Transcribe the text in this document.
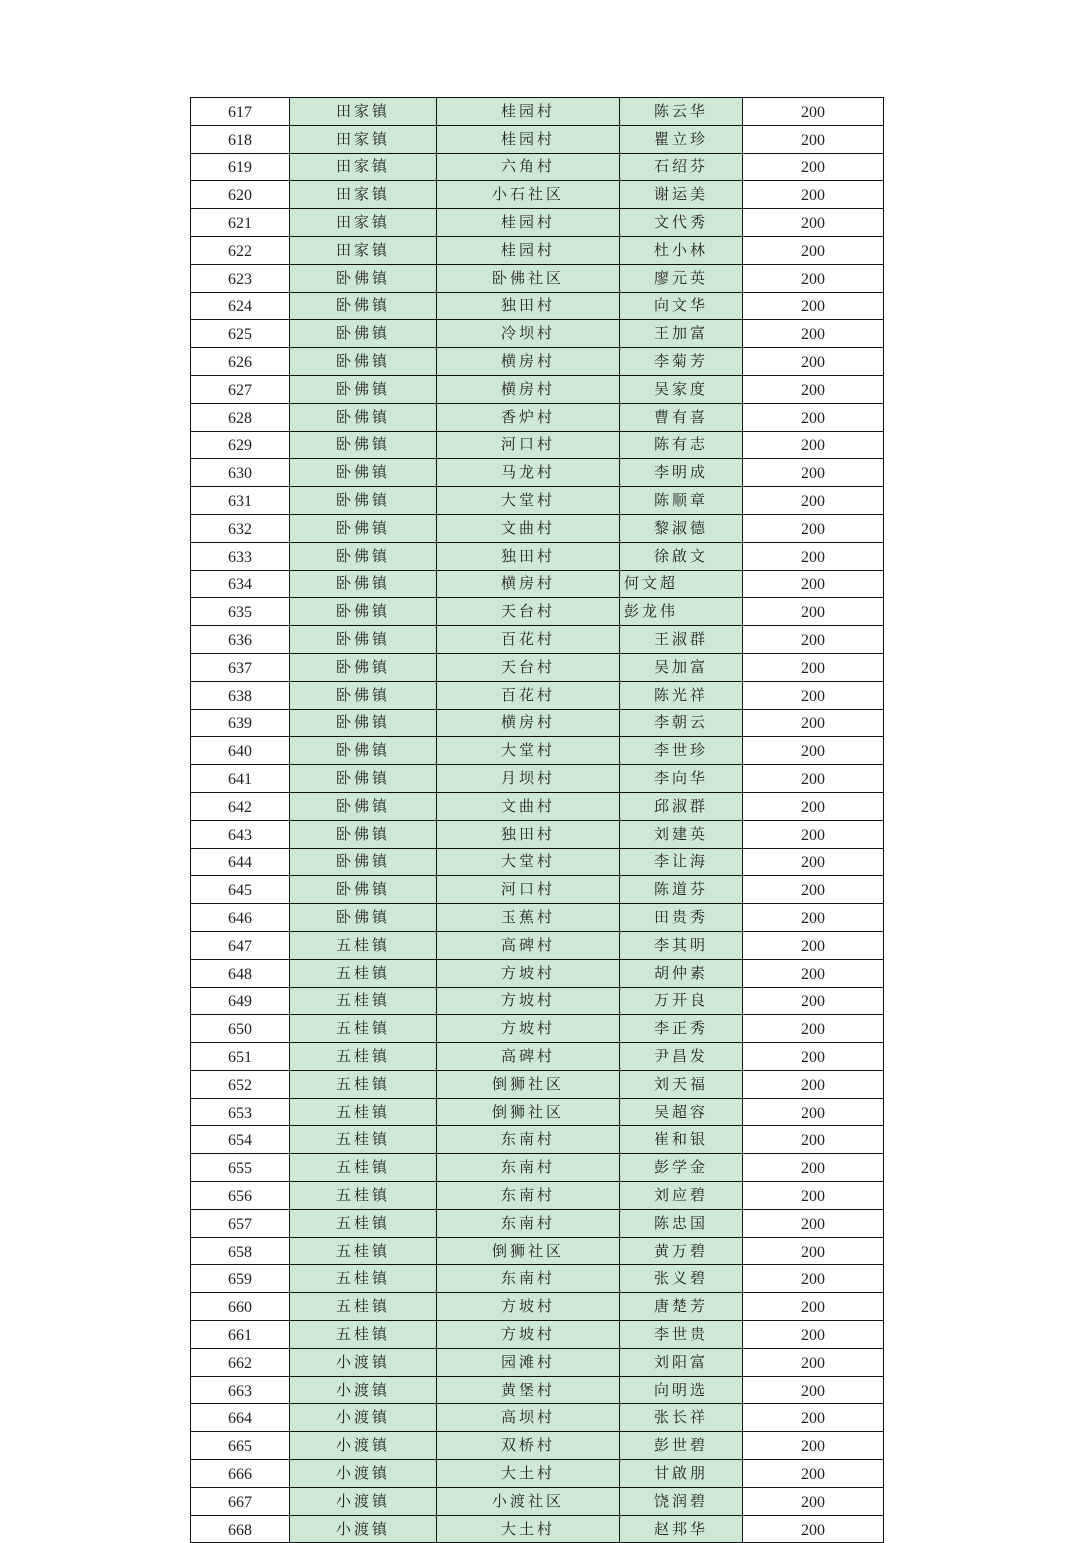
617	田家镇	桂园村	陈云华	200
618	田家镇	桂园村	瞿立珍	200
619	田家镇	六角村	石绍芬	200
620	田家镇	小石社区	谢运美	200
621	田家镇	桂园村	文代秀	200
622	田家镇	桂园村	杜小林	200
623	卧佛镇	卧佛社区	廖元英	200
624	卧佛镇	独田村	向文华	200
625	卧佛镇	冷坝村	王加富	200
626	卧佛镇	横房村	李菊芳	200
627	卧佛镇	横房村	吴家度	200
628	卧佛镇	香炉村	曹有喜	200
629	卧佛镇	河口村	陈有志	200
630	卧佛镇	马龙村	李明成	200
631	卧佛镇	大堂村	陈顺章	200
632	卧佛镇	文曲村	黎淑德	200
633	卧佛镇	独田村	徐啟文	200
634	卧佛镇	横房村	何文超	200
635	卧佛镇	天台村	彭龙伟	200
636	卧佛镇	百花村	王淑群	200
637	卧佛镇	天台村	吴加富	200
638	卧佛镇	百花村	陈光祥	200
639	卧佛镇	横房村	李朝云	200
640	卧佛镇	大堂村	李世珍	200
641	卧佛镇	月坝村	李向华	200
642	卧佛镇	文曲村	邱淑群	200
643	卧佛镇	独田村	刘建英	200
644	卧佛镇	大堂村	李让海	200
645	卧佛镇	河口村	陈道芬	200
646	卧佛镇	玉蕉村	田贵秀	200
647	五桂镇	高碑村	李其明	200
648	五桂镇	方坡村	胡仲素	200
649	五桂镇	方坡村	万开良	200
650	五桂镇	方坡村	李正秀	200
651	五桂镇	高碑村	尹昌发	200
652	五桂镇	倒狮社区	刘天福	200
653	五桂镇	倒狮社区	吴超容	200
654	五桂镇	东南村	崔和银	200
655	五桂镇	东南村	彭学金	200
656	五桂镇	东南村	刘应碧	200
657	五桂镇	东南村	陈忠国	200
658	五桂镇	倒狮社区	黄万碧	200
659	五桂镇	东南村	张义碧	200
660	五桂镇	方坡村	唐楚芳	200
661	五桂镇	方坡村	李世贵	200
662	小渡镇	园滩村	刘阳富	200
663	小渡镇	黄堡村	向明选	200
664	小渡镇	高坝村	张长祥	200
665	小渡镇	双桥村	彭世碧	200
666	小渡镇	大土村	甘啟朋	200
667	小渡镇	小渡社区	饶润碧	200
668	小渡镇	大土村	赵邦华	200
